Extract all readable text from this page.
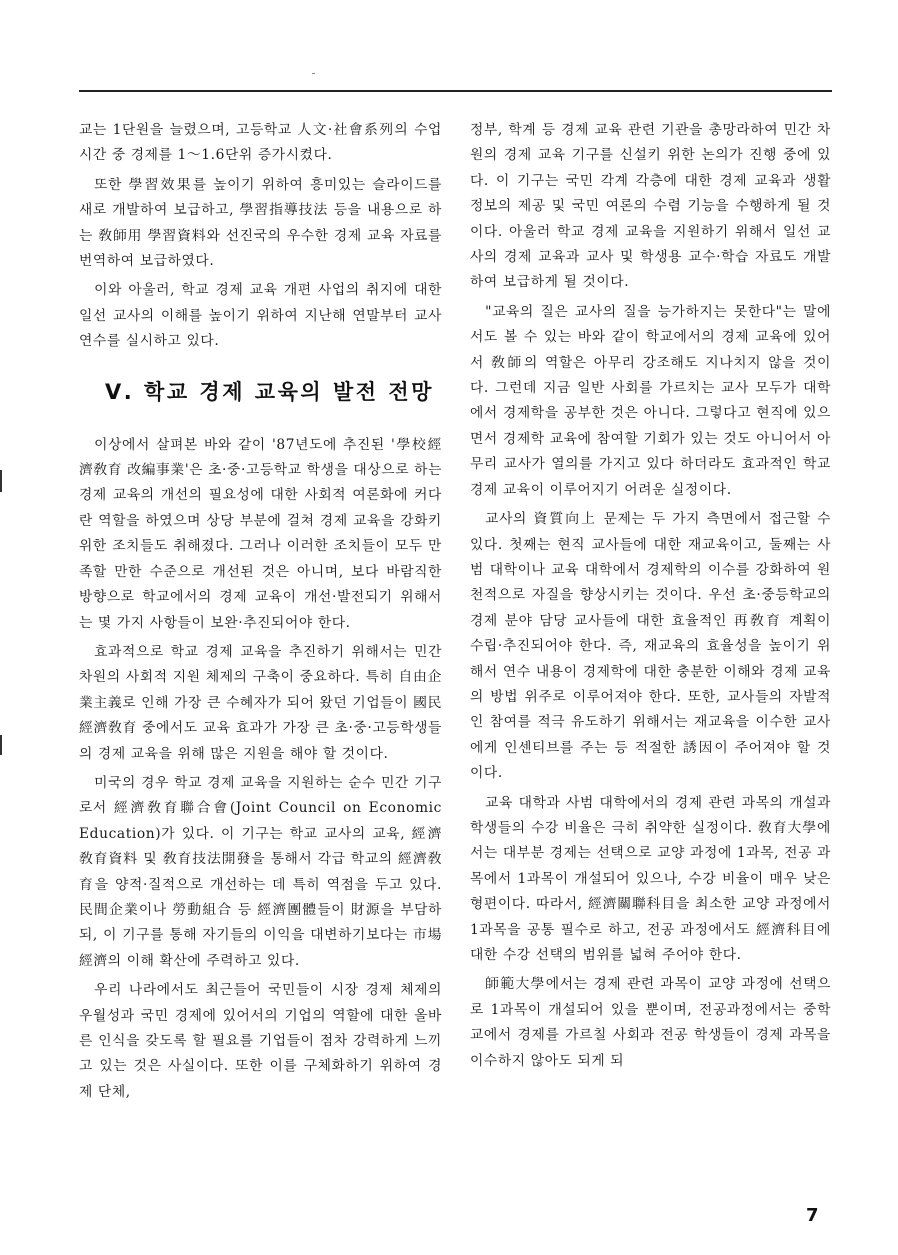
교는 1단원을 늘렸으며, 고등학교 人文·社會系列의 수업 시간 중 경제를 1～1.6단위 증가시켰다.

또한 學習效果를 높이기 위하여 흥미있는 슬라이드를 새로 개발하여 보급하고, 學習指導技法 등을 내용으로 하는 敎師用 學習資料와 선진국의 우수한 경제 교육 자료를 번역하여 보급하였다.

이와 아울러, 학교 경제 교육 개편 사업의 취지에 대한 일선 교사의 이해를 높이기 위하여 지난해 연말부터 교사 연수를 실시하고 있다.

Ⅴ. 학교 경제 교육의 발전 전망

이상에서 살펴본 바와 같이 '87년도에 추진된 '學校經濟敎育 改編事業'은 초·중·고등학교 학생을 대상으로 하는 경제 교육의 개선의 필요성에 대한 사회적 여론화에 커다란 역할을 하였으며 상당 부분에 걸쳐 경제 교육을 강화키 위한 조치들도 취해졌다. 그러나 이러한 조치들이 모두 만족할 만한 수준으로 개선된 것은 아니며, 보다 바람직한 방향으로 학교에서의 경제 교육이 개선·발전되기 위해서는 몇 가지 사항들이 보완·추진되어야 한다.

효과적으로 학교 경제 교육을 추진하기 위해서는 민간 차원의 사회적 지원 체제의 구축이 중요하다. 특히 自由企業主義로 인해 가장 큰 수혜자가 되어 왔던 기업들이 國民經濟敎育 중에서도 교육 효과가 가장 큰 초·중·고등학생들의 경제 교육을 위해 많은 지원을 해야 할 것이다.

미국의 경우 학교 경제 교육을 지원하는 순수 민간 기구로서 經濟敎育聯合會(Joint Council on Economic Education)가 있다. 이 기구는 학교 교사의 교육, 經濟敎育資料 및 敎育技法開發을 통해서 각급 학교의 經濟敎育을 양적·질적으로 개선하는 데 특히 역점을 두고 있다. 民間企業이나 勞動組合 등 經濟團體들이 財源을 부담하되, 이 기구를 통해 자기들의 이익을 대변하기보다는 市場經濟의 이해 확산에 주력하고 있다.

우리 나라에서도 최근들어 국민들이 시장 경제 체제의 우월성과 국민 경제에 있어서의 기업의 역할에 대한 올바른 인식을 갖도록 할 필요를 기업들이 점차 강력하게 느끼고 있는 것은 사실이다. 또한 이를 구체화하기 위하여 경제 단체,

정부, 학계 등 경제 교육 관련 기관을 총망라하여 민간 차원의 경제 교육 기구를 신설키 위한 논의가 진행 중에 있다. 이 기구는 국민 각계 각층에 대한 경제 교육과 생활 정보의 제공 및 국민 여론의 수렴 기능을 수행하게 될 것이다. 아울러 학교 경제 교육을 지원하기 위해서 일선 교사의 경제 교육과 교사 및 학생용 교수·학습 자료도 개발하여 보급하게 될 것이다.

"교육의 질은 교사의 질을 능가하지는 못한다"는 말에서도 볼 수 있는 바와 같이 학교에서의 경제 교육에 있어서 敎師의 역할은 아무리 강조해도 지나치지 않을 것이다. 그런데 지금 일반 사회를 가르치는 교사 모두가 대학에서 경제학을 공부한 것은 아니다. 그렇다고 현직에 있으면서 경제학 교육에 참여할 기회가 있는 것도 아니어서 아무리 교사가 열의를 가지고 있다 하더라도 효과적인 학교 경제 교육이 이루어지기 어려운 실정이다.

교사의 資質向上 문제는 두 가지 측면에서 접근할 수 있다. 첫째는 현직 교사들에 대한 재교육이고, 둘째는 사범 대학이나 교육 대학에서 경제학의 이수를 강화하여 원천적으로 자질을 향상시키는 것이다. 우선 초·중등학교의 경제 분야 담당 교사들에 대한 효율적인 再敎育 계획이 수립·추진되어야 한다. 즉, 재교육의 효율성을 높이기 위해서 연수 내용이 경제학에 대한 충분한 이해와 경제 교육의 방법 위주로 이루어져야 한다. 또한, 교사들의 자발적인 참여를 적극 유도하기 위해서는 재교육을 이수한 교사에게 인센티브를 주는 등 적절한 誘因이 주어져야 할 것이다.

교육 대학과 사범 대학에서의 경제 관련 과목의 개설과 학생들의 수강 비율은 극히 취약한 실정이다. 敎育大學에서는 대부분 경제는 선택으로 교양 과정에 1과목, 전공 과목에서 1과목이 개설되어 있으나, 수강 비율이 매우 낮은 형편이다. 따라서, 經濟關聯科目을 최소한 교양 과정에서 1과목을 공통 필수로 하고, 전공 과정에서도 經濟科目에 대한 수강 선택의 범위를 넓혀 주어야 한다.

師範大學에서는 경제 관련 과목이 교양 과정에 선택으로 1과목이 개설되어 있을 뿐이며, 전공과정에서는 중학교에서 경제를 가르칠 사회과 전공 학생들이 경제 과목을 이수하지 않아도 되게 되

7
